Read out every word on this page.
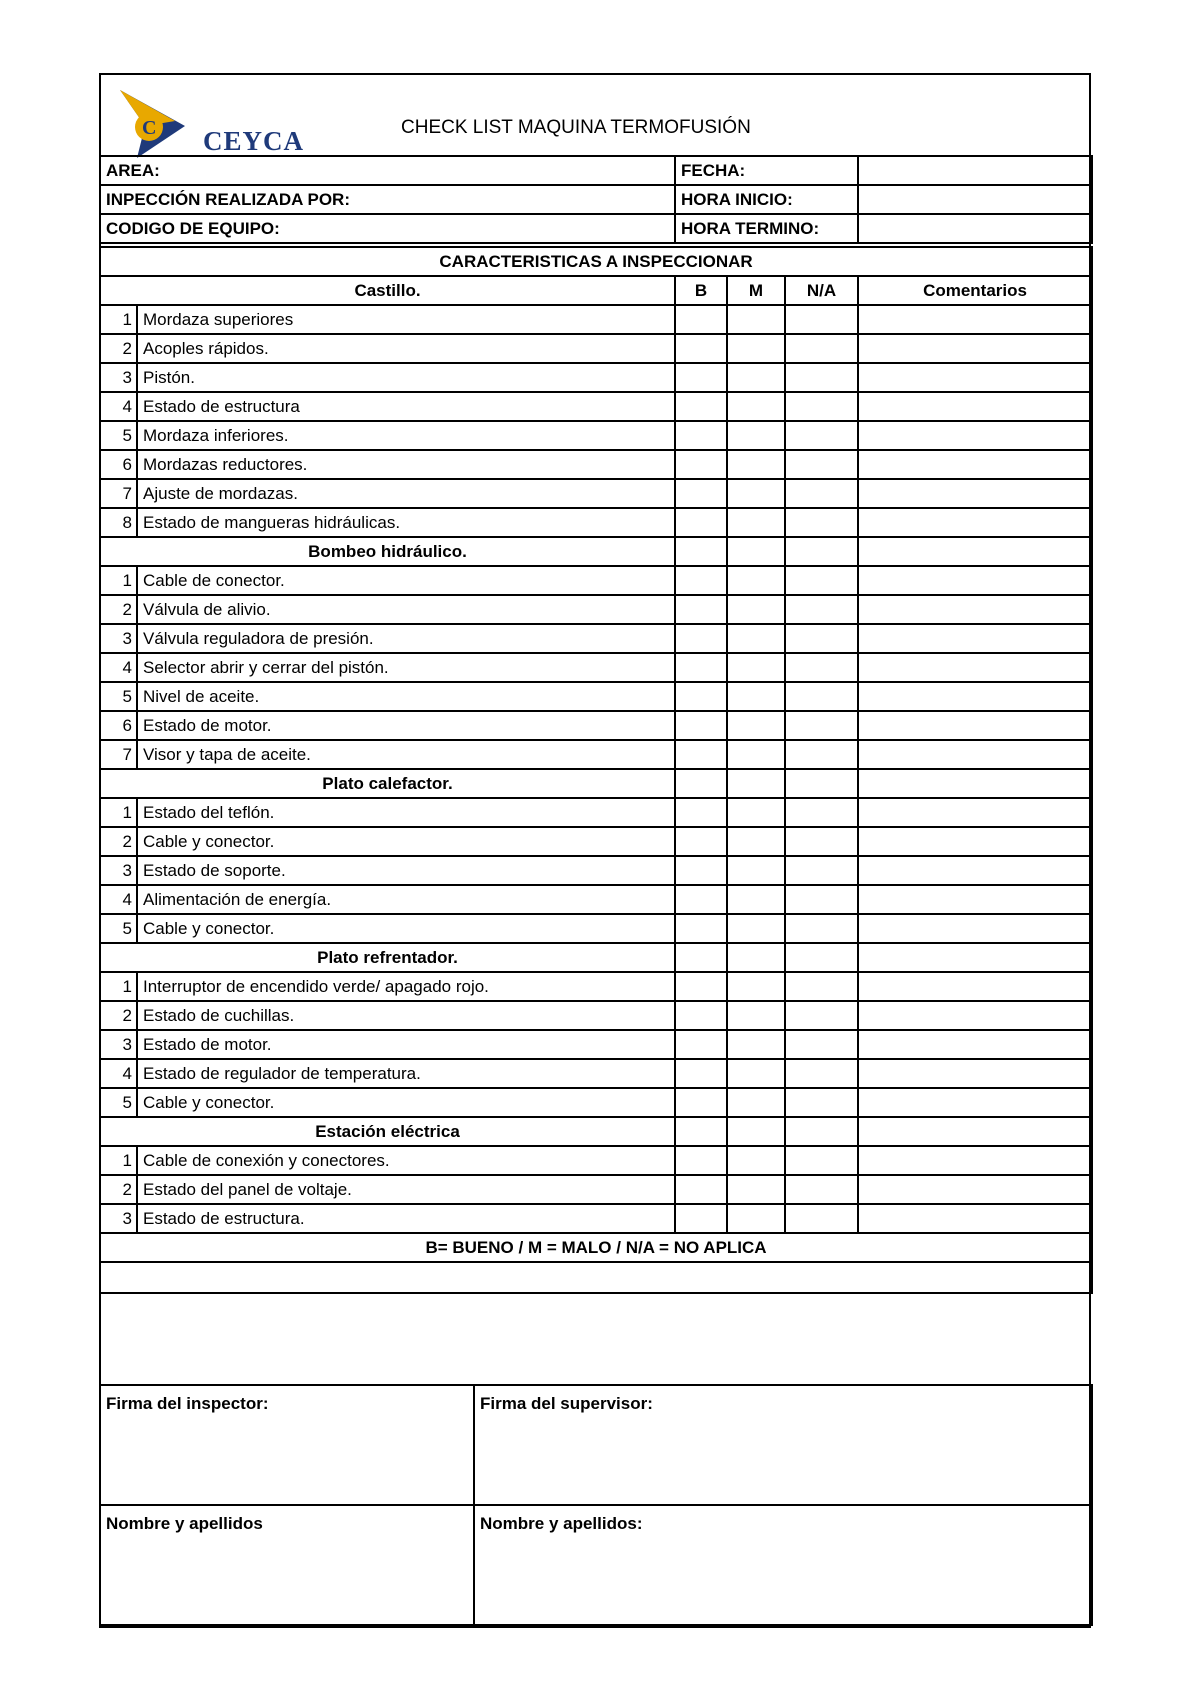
C CEYCA	CHECK LIST MAQUINA TERMOFUSIÓN
AREA:	FECHA:	
INPECCIÓN REALIZADA POR:	HORA INICIO:	
CODIGO DE EQUIPO:	HORA TERMINO:	
CARACTERISTICAS A INSPECCIONAR					
Castillo.		B	M	N/A	Comentarios
1	Mordaza superiores				
2	Acoples rápidos.				
3	Pistón.				
4	Estado de estructura				
5	Mordaza inferiores.				
6	Mordazas reductores.				
7	Ajuste de mordazas.				
8	Estado de mangueras hidráulicas.				
Bombeo hidráulico.					
1	Cable de conector.				
2	Válvula de alivio.				
3	Válvula reguladora de presión.				
4	Selector abrir y cerrar del pistón.				
5	Nivel de aceite.				
6	Estado de motor.				
7	Visor y tapa de aceite.				
Plato calefactor.					
1	Estado del teflón.				
2	Cable y conector.				
3	Estado de soporte.				
4	Alimentación de energía.				
5	Cable y conector.				
Plato refrentador.					
1	Interruptor de encendido verde/ apagado rojo.				
2	Estado de cuchillas.				
3	Estado de motor.				
4	Estado de regulador de temperatura.				
5	Cable y conector.				
Estación eléctrica					
1	Cable de conexión y conectores.				
2	Estado del panel de voltaje.				
3	Estado de estructura.				
B= BUENO / M = MALO / N/A = NO APLICA					

Firma del inspector:	Firma del supervisor:
Nombre y apellidos	Nombre y apellidos:
